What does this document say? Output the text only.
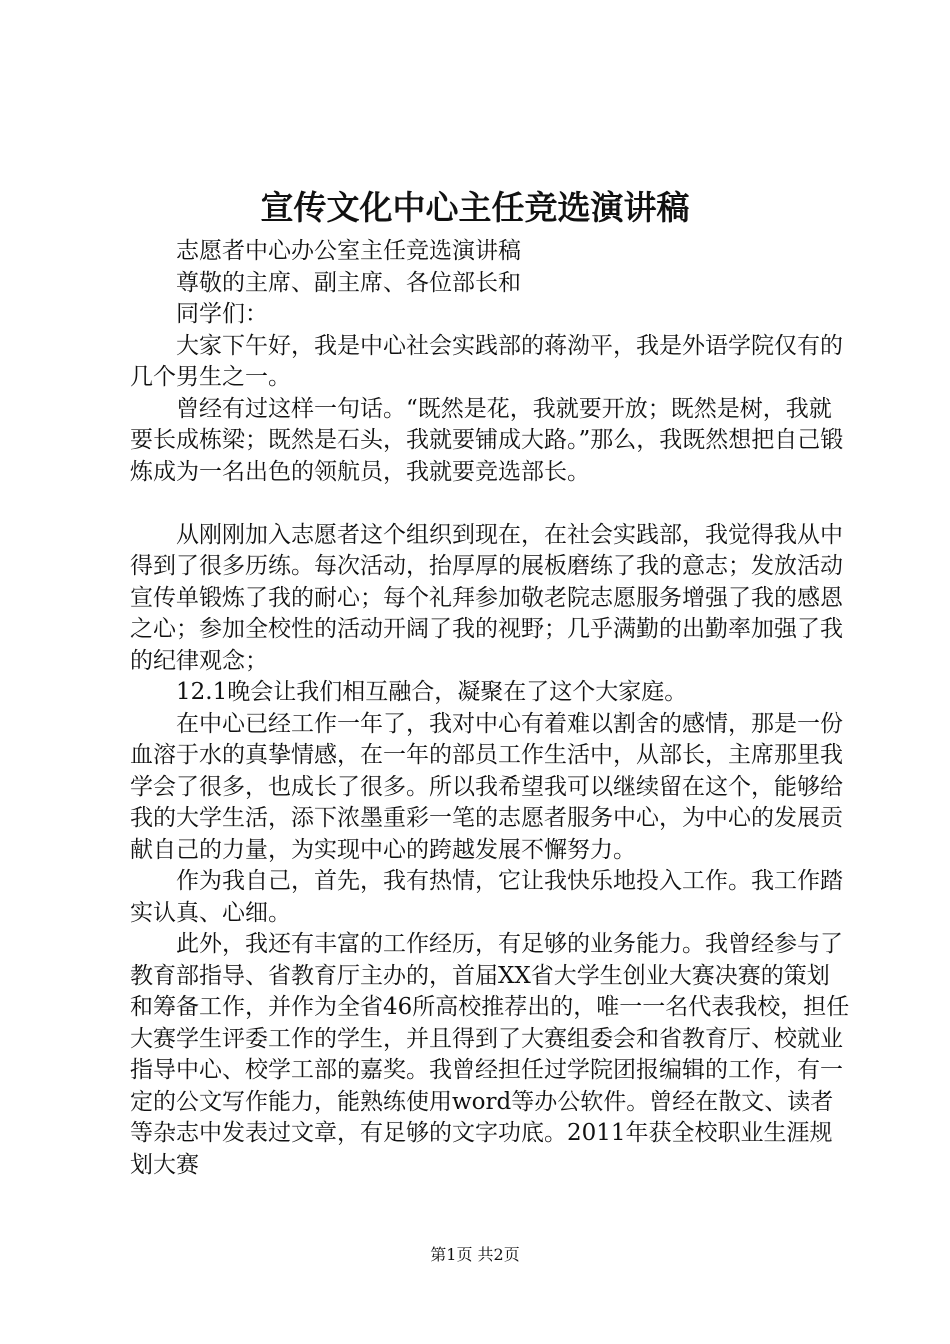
宣传文化中心主任竞选演讲稿

志愿者中心办公室主任竞选演讲稿

尊敬的主席、副主席、各位部长和

同学们：

大家下午好，我是中心社会实践部的蒋泑平，我是外语学院仅有的几个男生之一。

曾经有过这样一句话。“既然是花，我就要开放；既然是树，我就要长成栋梁；既然是石头，我就要铺成大路。”那么，我既然想把自己锻炼成为一名出色的领航员，我就要竞选部长。

从刚刚加入志愿者这个组织到现在，在社会实践部，我觉得我从中得到了很多历练。每次活动，抬厚厚的展板磨练了我的意志；发放活动宣传单锻炼了我的耐心；每个礼拜参加敬老院志愿服务增强了我的感恩之心；参加全校性的活动开阔了我的视野；几乎满勤的出勤率加强了我的纪律观念；

12.1晚会让我们相互融合，凝聚在了这个大家庭。

在中心已经工作一年了，我对中心有着难以割舍的感情，那是一份血溶于水的真挚情感，在一年的部员工作生活中，从部长，主席那里我学会了很多，也成长了很多。所以我希望我可以继续留在这个，能够给我的大学生活，添下浓墨重彩一笔的志愿者服务中心，为中心的发展贡献自己的力量，为实现中心的跨越发展不懈努力。

作为我自己，首先，我有热情，它让我快乐地投入工作。我工作踏实认真、心细。

此外，我还有丰富的工作经历，有足够的业务能力。我曾经参与了教育部指导、省教育厅主办的，首届XX省大学生创业大赛决赛的策划和筹备工作，并作为全省46所高校推荐出的，唯一一名代表我校，担任大赛学生评委工作的学生，并且得到了大赛组委会和省教育厅、校就业指导中心、校学工部的嘉奖。我曾经担任过学院团报编辑的工作，有一定的公文写作能力，能熟练使用word等办公软件。曾经在散文、读者等杂志中发表过文章，有足够的文字功底。2011年获全校职业生涯规划大赛

第1页 共2页
